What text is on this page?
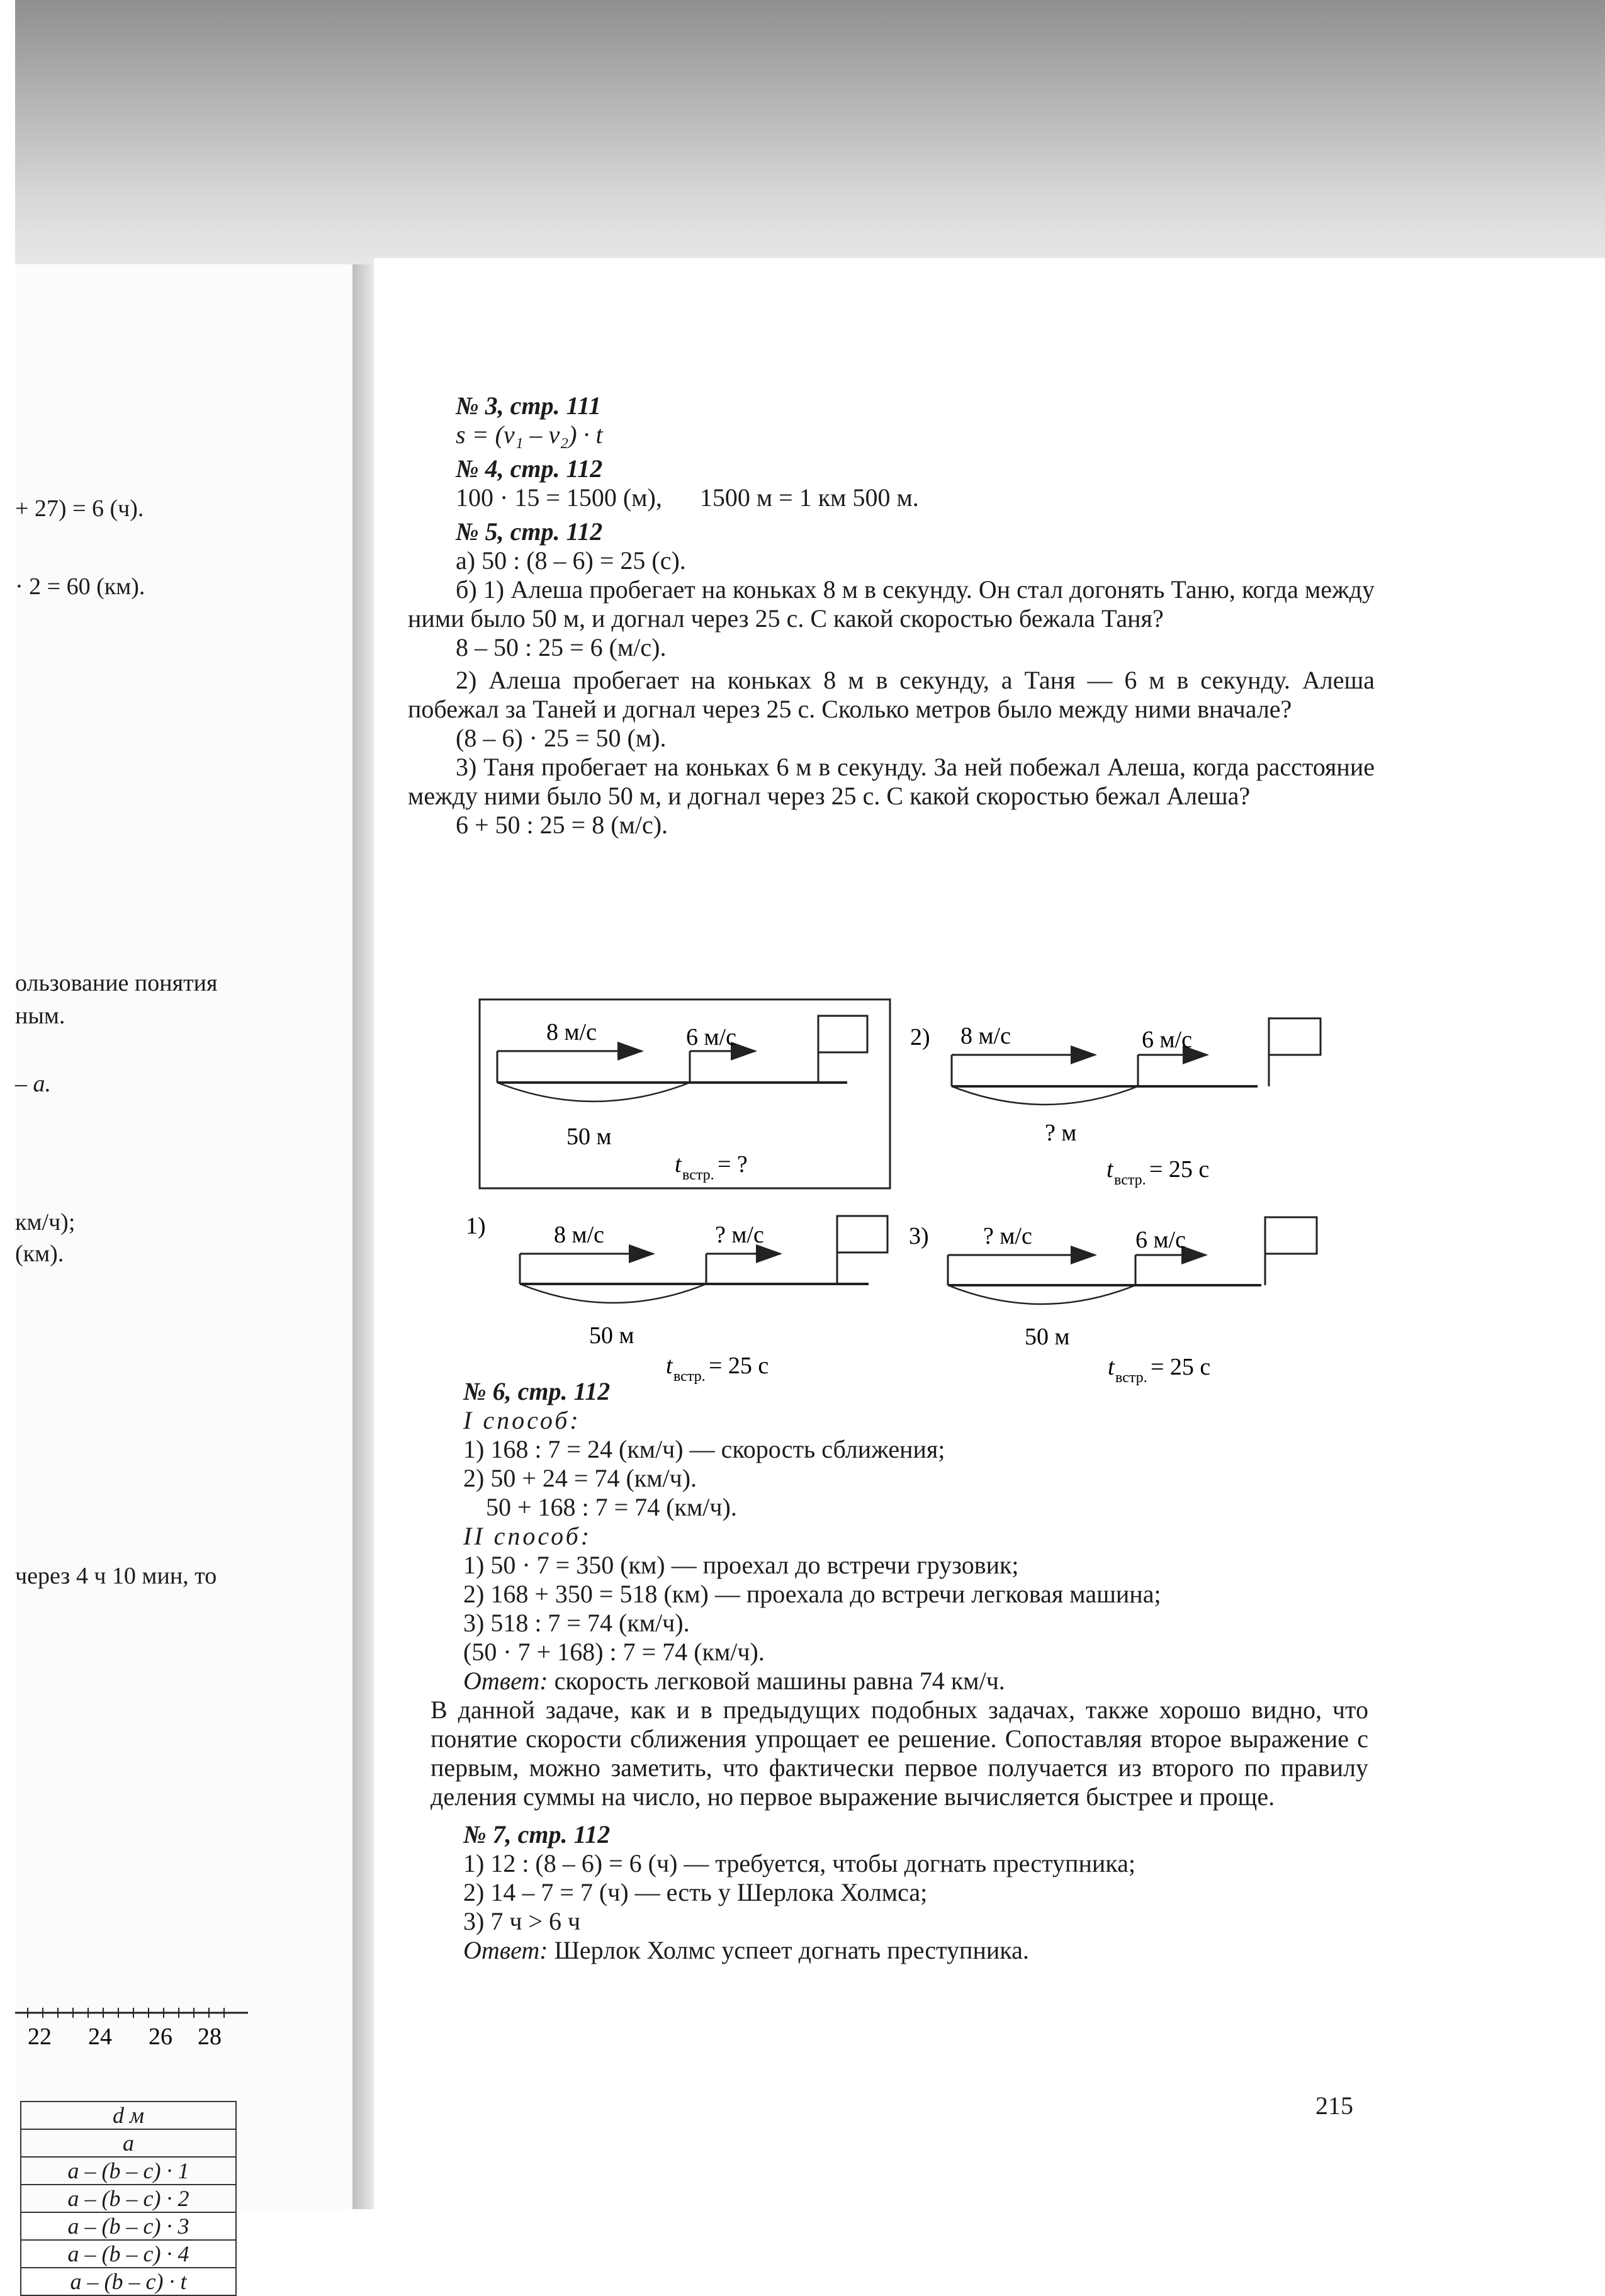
+ 27) = 6 (ч).
· 2 = 60 (км).
ользование понятия
ным.
– a.
км/ч);
(км).
через 4 ч 10 мин, то
22 24 26 28
d м
a
a – (b – c) · 1
a – (b – c) · 2
a – (b – c) · 3
a – (b – c) · 4
a – (b – c) · t
№ 3, стр. 111
s = (v₁ – v₂) · t
№ 4, стр. 112
100 · 15 = 1500 (м),      1500 м = 1 км 500 м.
№ 5, стр. 112
а) 50 : (8 – 6) = 25 (с).
б) 1) Алеша пробегает на коньках 8 м в секунду. Он стал догонять Таню, когда между ними было 50 м, и догнал через 25 с. С какой скоростью бежала Таня?
8 – 50 : 25 = 6 (м/с).
2) Алеша пробегает на коньках 8 м в секунду, а Таня — 6 м в секунду. Алеша побежал за Таней и догнал через 25 с. Сколько метров было между ними вначале?
(8 – 6) · 25 = 50 (м).
3) Таня пробегает на коньках 6 м в секунду. За ней побежал Алеша, когда расстояние между ними было 50 м, и догнал через 25 с. С какой скоростью бежал Алеша?
6 + 50 : 25 = 8 (м/с).
8 м/с	6 м/с
50 м
t встр. = ?
2) 8 м/с	6 м/с
? м
t встр. = 25 с
1)	8 м/с	? м/с
50 м
t встр. = 25 с
3) ? м/с	6 м/с
50 м
t встр. = 25 с
№ 6, стр. 112
I способ:
1) 168 : 7 = 24 (км/ч) — скорость сближения;
2) 50 + 24 = 74 (км/ч).
50 + 168 : 7 = 74 (км/ч).
II способ:
1) 50 · 7 = 350 (км) — проехал до встречи грузовик;
2) 168 + 350 = 518 (км) — проехала до встречи легковая машина;
3) 518 : 7 = 74 (км/ч).
(50 · 7 + 168) : 7 = 74 (км/ч).
Ответ: скорость легковой машины равна 74 км/ч.
В данной задаче, как и в предыдущих подобных задачах, также хорошо видно, что понятие скорости сближения упрощает ее решение. Сопоставляя второе выражение с первым, можно заметить, что фактически первое получается из второго по правилу деления суммы на число, но первое выражение вычисляется быстрее и проще.
№ 7, стр. 112
1) 12 : (8 – 6) = 6 (ч) — требуется, чтобы догнать преступника;
2) 14 – 7 = 7 (ч) — есть у Шерлока Холмса;
3) 7 ч > 6 ч
Ответ: Шерлок Холмс успеет догнать преступника.
215
